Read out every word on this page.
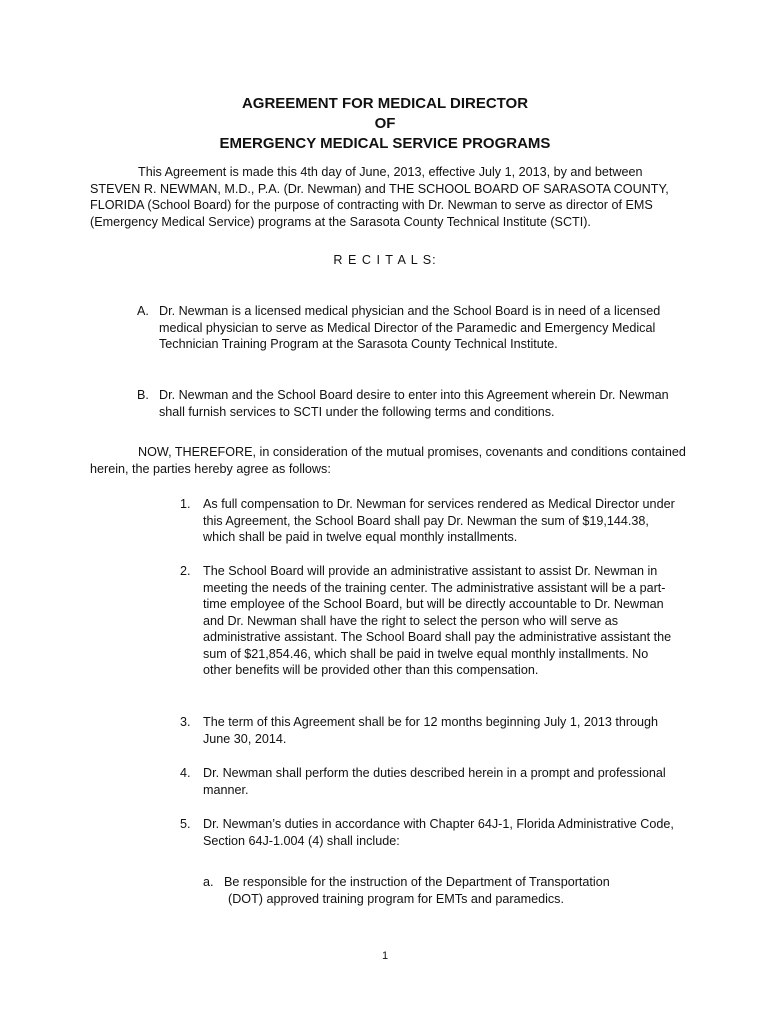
AGREEMENT FOR MEDICAL DIRECTOR
OF
EMERGENCY MEDICAL SERVICE PROGRAMS
This Agreement is made this 4th day of June, 2013, effective July 1, 2013, by and between STEVEN R. NEWMAN, M.D., P.A. (Dr. Newman) and THE SCHOOL BOARD OF SARASOTA COUNTY, FLORIDA (School Board) for the purpose of contracting with Dr. Newman to serve as director of EMS (Emergency Medical Service) programs at the Sarasota County Technical Institute (SCTI).
R E C I T A L S:
A. Dr. Newman is a licensed medical physician and the School Board is in need of a licensed medical physician to serve as Medical Director of the Paramedic and Emergency Medical Technician Training Program at the Sarasota County Technical Institute.
B. Dr. Newman and the School Board desire to enter into this Agreement wherein Dr. Newman shall furnish services to SCTI under the following terms and conditions.
NOW, THEREFORE, in consideration of the mutual promises, covenants and conditions contained herein, the parties hereby agree as follows:
1. As full compensation to Dr. Newman for services rendered as Medical Director under this Agreement, the School Board shall pay Dr. Newman the sum of $19,144.38, which shall be paid in twelve equal monthly installments.
2. The School Board will provide an administrative assistant to assist Dr. Newman in meeting the needs of the training center. The administrative assistant will be a part-time employee of the School Board, but will be directly accountable to Dr. Newman and Dr. Newman shall have the right to select the person who will serve as administrative assistant. The School Board shall pay the administrative assistant the sum of $21,854.46, which shall be paid in twelve equal monthly installments. No other benefits will be provided other than this compensation.
3. The term of this Agreement shall be for 12 months beginning July 1, 2013 through June 30, 2014.
4. Dr. Newman shall perform the duties described herein in a prompt and professional manner.
5. Dr. Newman’s duties in accordance with Chapter 64J-1, Florida Administrative Code, Section 64J-1.004 (4) shall include:
a. Be responsible for the instruction of the Department of Transportation
(DOT) approved training program for EMTs and paramedics.
1
